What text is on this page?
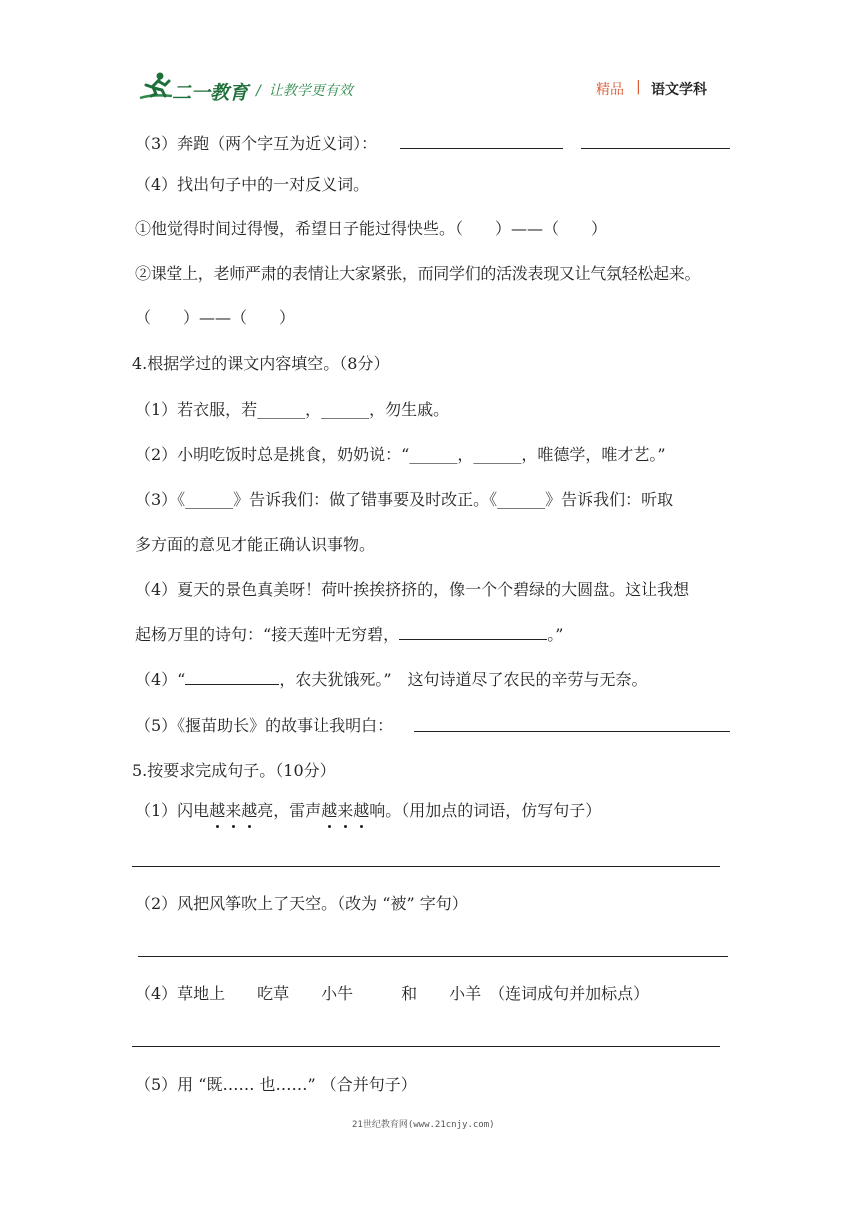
二一教育 / 让教学更有效	精品 | 语文学科
（3）奔跑（两个字互为近义词）：
（4）找出句子中的一对反义词。
①他觉得时间过得慢，希望日子能过得快些。（　　）——（　　）
②课堂上，老师严肃的表情让大家紧张，而同学们的活泼表现又让气氛轻松起来。
（　　）——（　　）
4.根据学过的课文内容填空。（8分）
（1）若衣服，若______，______，勿生戚。
（2）小明吃饭时总是挑食，奶奶说：“______，______，唯德学，唯才艺。”
（3）《______》告诉我们：做了错事要及时改正。《______》告诉我们：听取
多方面的意见才能正确认识事物。
（4）夏天的景色真美呀！荷叶挨挨挤挤的，像一个个碧绿的大圆盘。这让我想
起杨万里的诗句：“接天莲叶无穷碧，	。”
（4）“	，农夫犹饿死。”　这句诗道尽了农民的辛劳与无奈。
（5）《揠苗助长》的故事让我明白：
5.按要求完成句子。（10分）
（1）闪电越来越亮，雷声越来越响。（用加点的词语，仿写句子）
（2）风把风筝吹上了天空。（改为 “被” 字句）
（4）草地上　　吃草　　小牛　　　和　　小羊　（连词成句并加标点）
（5）用 “既…… 也……” （合并句子）
21世纪教育网(www.21cnjy.com)
